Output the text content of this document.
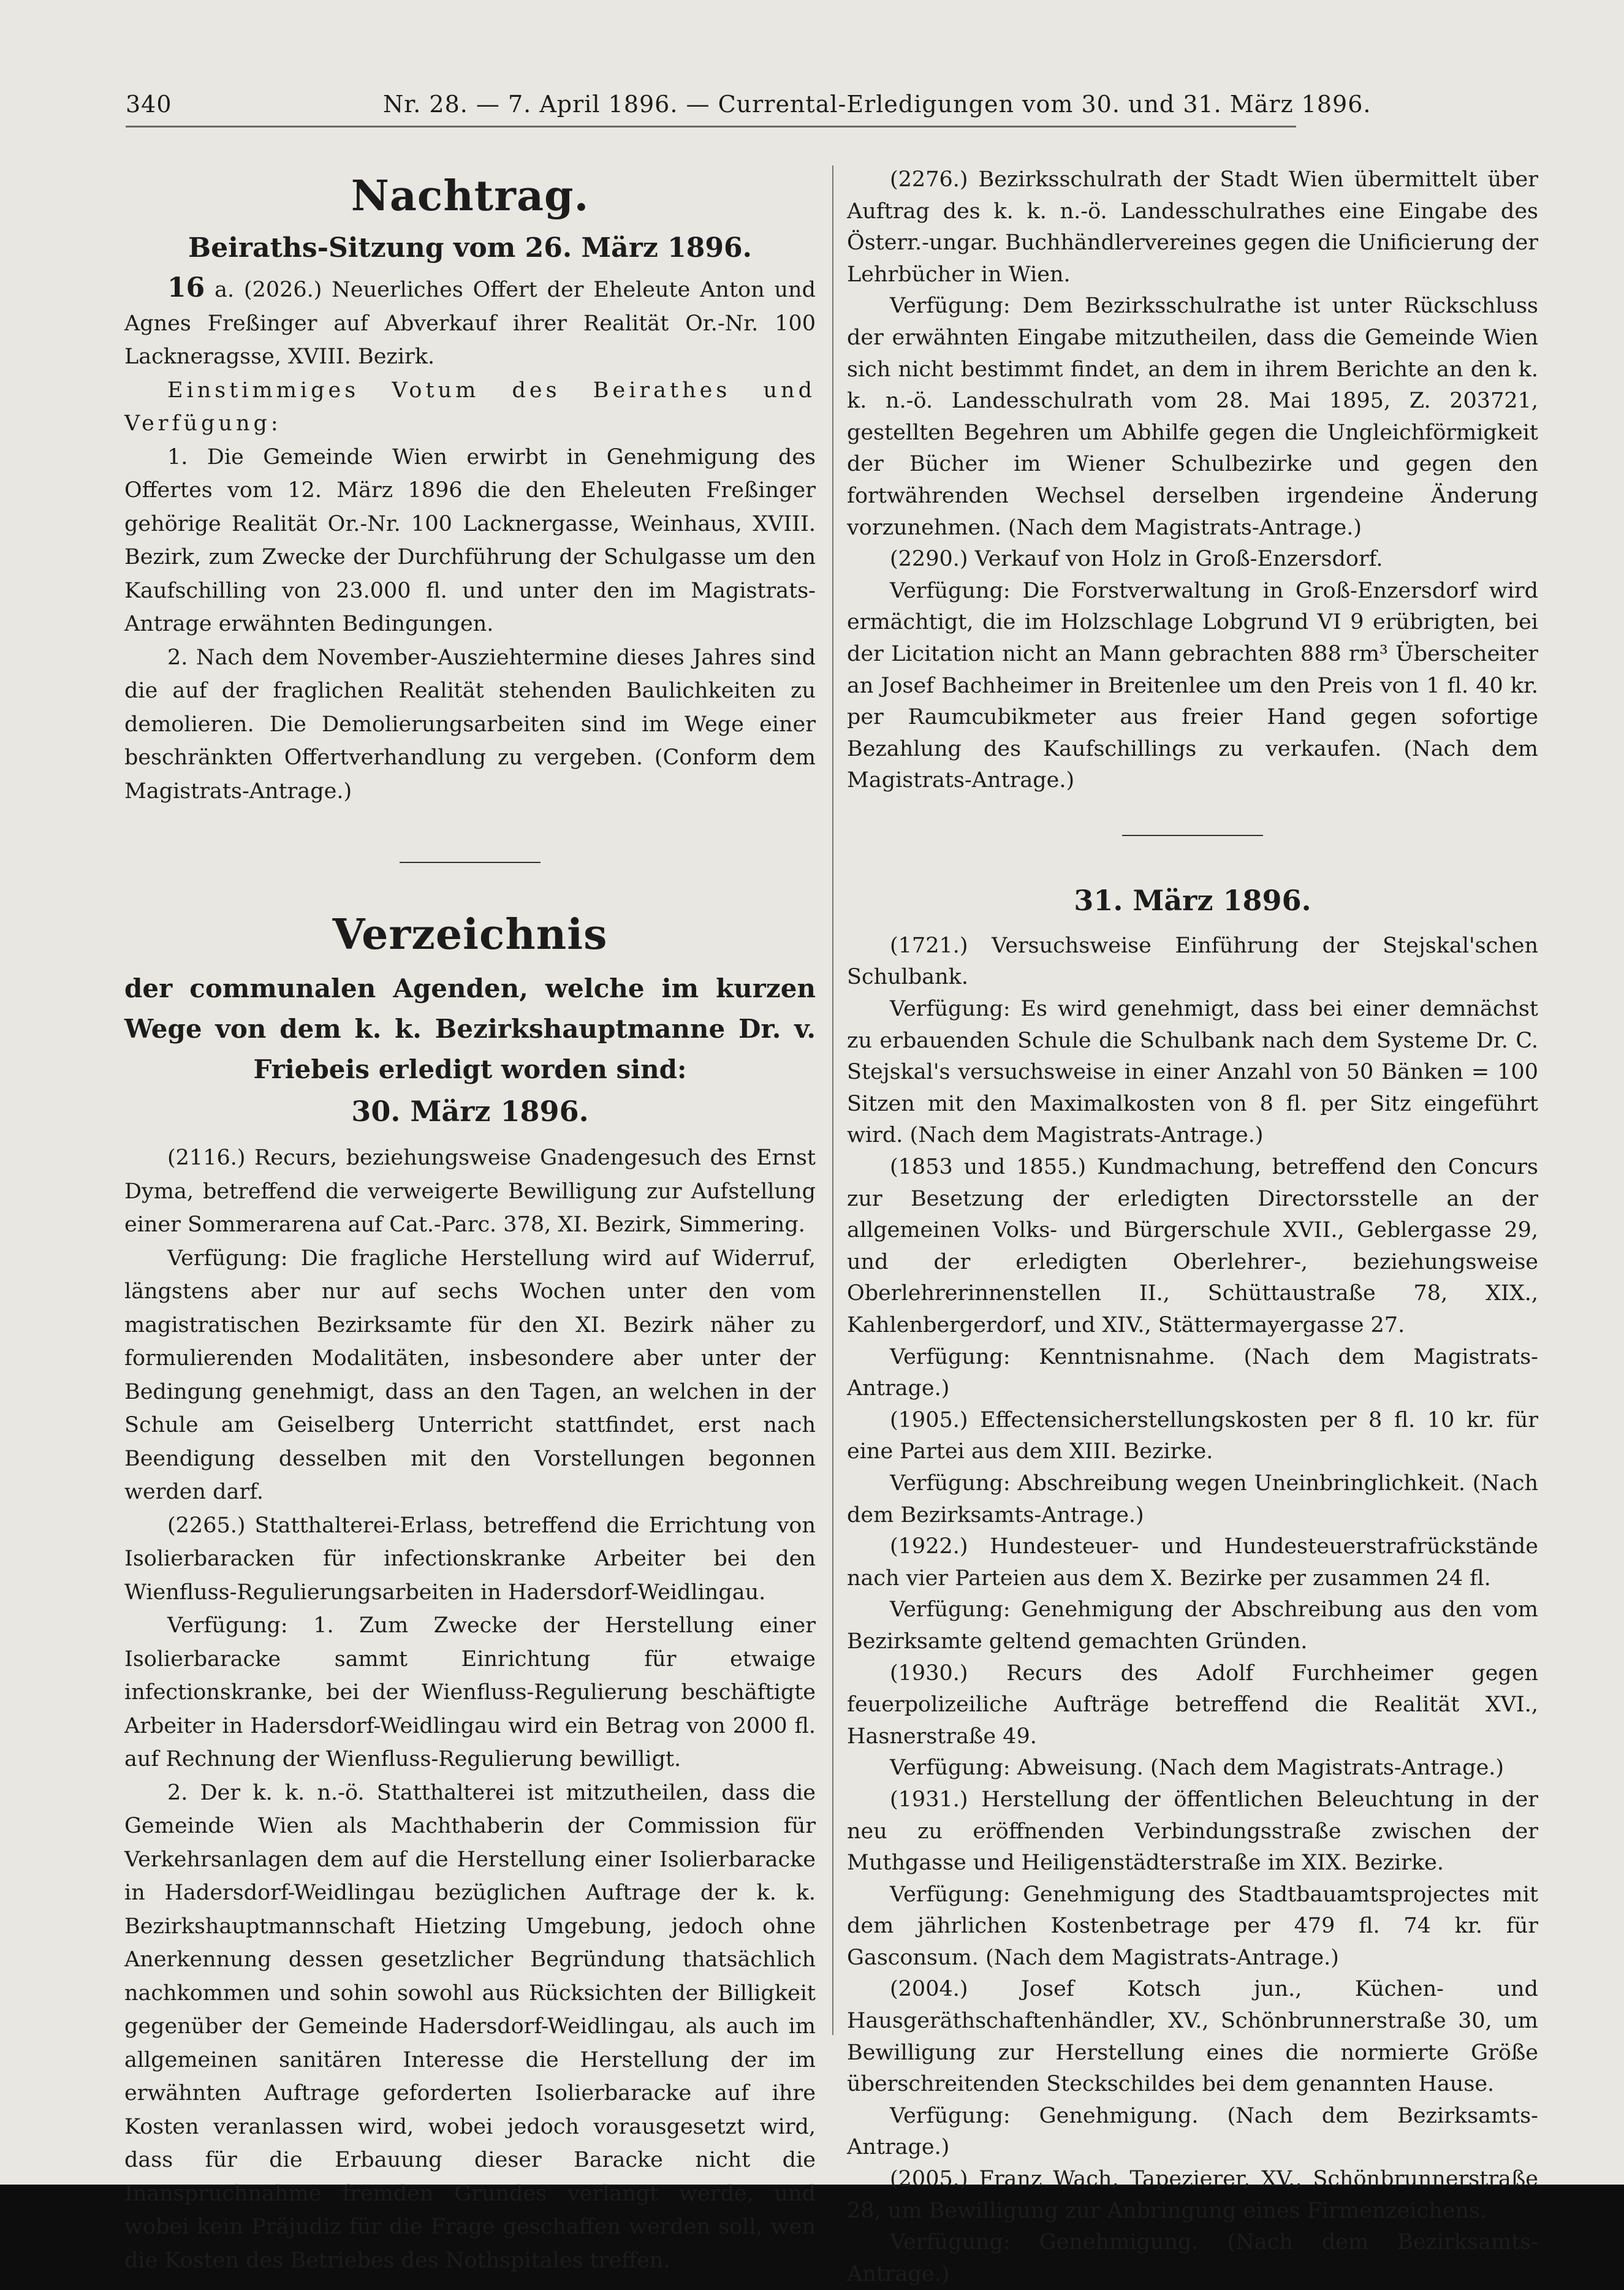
340	Nr. 28. — 7. April 1896. — Currental-Erledigungen vom 30. und 31. März 1896.
Nachtrag.
Beiraths-Sitzung vom 26. März 1896.

16 a. (2026.) Neuerliches Offert der Eheleute Anton und Agnes Freßinger auf Abverkauf ihrer Realität Or.-Nr. 100 Lackneragsse, XVIII. Bezirk.

Einstimmiges Votum des Beirathes und Verfügung:

1. Die Gemeinde Wien erwirbt in Genehmigung des Offertes vom 12. März 1896 die den Eheleuten Freßinger gehörige Realität Or.-Nr. 100 Lacknergasse, Weinhaus, XVIII. Bezirk, zum Zwecke der Durchführung der Schulgasse um den Kaufschilling von 23.000 fl. und unter den im Magistrats-Antrage erwähnten Bedingungen.

2. Nach dem November-Ausziehtermine dieses Jahres sind die auf der fraglichen Realität stehenden Baulichkeiten zu demolieren. Die Demolierungsarbeiten sind im Wege einer beschränkten Offertverhandlung zu vergeben. (Conform dem Magistrats-Antrage.)

Verzeichnis
der communalen Agenden, welche im kurzen Wege von dem k. k. Bezirkshauptmanne Dr. v. Friebeis erledigt worden sind:
30. März 1896.

(2116.) Recurs, beziehungsweise Gnadengesuch des Ernst Dyma, betreffend die verweigerte Bewilligung zur Aufstellung einer Sommerarena auf Cat.-Parc. 378, XI. Bezirk, Simmering.

Verfügung: Die fragliche Herstellung wird auf Widerruf, längstens aber nur auf sechs Wochen unter den vom magistratischen Bezirksamte für den XI. Bezirk näher zu formulierenden Modalitäten, insbesondere aber unter der Bedingung genehmigt, dass an den Tagen, an welchen in der Schule am Geiselberg Unterricht stattfindet, erst nach Beendigung desselben mit den Vorstellungen begonnen werden darf.

(2265.) Statthalterei-Erlass, betreffend die Errichtung von Isolierbaracken für infectionskranke Arbeiter bei den Wienfluss-Regulierungsarbeiten in Hadersdorf-Weidlingau.

Verfügung: 1. Zum Zwecke der Herstellung einer Isolierbaracke sammt Einrichtung für etwaige infectionskranke, bei der Wienfluss-Regulierung beschäftigte Arbeiter in Hadersdorf-Weidlingau wird ein Betrag von 2000 fl. auf Rechnung der Wienfluss-Regulierung bewilligt.

2. Der k. k. n.-ö. Statthalterei ist mitzutheilen, dass die Gemeinde Wien als Machthaberin der Commission für Verkehrsanlagen dem auf die Herstellung einer Isolierbaracke in Hadersdorf-Weidlingau bezüglichen Auftrage der k. k. Bezirkshauptmannschaft Hietzing Umgebung, jedoch ohne Anerkennung dessen gesetzlicher Begründung thatsächlich nachkommen und sohin sowohl aus Rücksichten der Billigkeit gegenüber der Gemeinde Hadersdorf-Weidlingau, als auch im allgemeinen sanitären Interesse die Herstellung der im erwähnten Auftrage geforderten Isolierbaracke auf ihre Kosten veranlassen wird, wobei jedoch vorausgesetzt wird, dass für die Erbauung dieser Baracke nicht die Inanspruchnahme fremden Grundes verlangt werde, und wobei kein Präjudiz für die Frage geschaffen werden soll, wen die Kosten des Betriebes des Nothspitales treffen.

(2276.) Bezirksschulrath der Stadt Wien übermittelt über Auftrag des k. k. n.-ö. Landesschulrathes eine Eingabe des Österr.-ungar. Buchhändlervereines gegen die Unificierung der Lehrbücher in Wien.

Verfügung: Dem Bezirksschulrathe ist unter Rückschluss der erwähnten Eingabe mitzutheilen, dass die Gemeinde Wien sich nicht bestimmt findet, an dem in ihrem Berichte an den k. k. n.-ö. Landesschulrath vom 28. Mai 1895, Z. 203721, gestellten Begehren um Abhilfe gegen die Ungleichförmigkeit der Bücher im Wiener Schulbezirke und gegen den fortwährenden Wechsel derselben irgendeine Änderung vorzunehmen. (Nach dem Magistrats-Antrage.)

(2290.) Verkauf von Holz in Groß-Enzersdorf.

Verfügung: Die Forstverwaltung in Groß-Enzersdorf wird ermächtigt, die im Holzschlage Lobgrund VI 9 erübrigten, bei der Licitation nicht an Mann gebrachten 888 rm³ Überscheiter an Josef Bachheimer in Breitenlee um den Preis von 1 fl. 40 kr. per Raumcubikmeter aus freier Hand gegen sofortige Bezahlung des Kaufschillings zu verkaufen. (Nach dem Magistrats-Antrage.)

31. März 1896.

(1721.) Versuchsweise Einführung der Stejskal'schen Schulbank.

Verfügung: Es wird genehmigt, dass bei einer demnächst zu erbauenden Schule die Schulbank nach dem Systeme Dr. C. Stejskal's versuchsweise in einer Anzahl von 50 Bänken = 100 Sitzen mit den Maximalkosten von 8 fl. per Sitz eingeführt wird. (Nach dem Magistrats-Antrage.)

(1853 und 1855.) Kundmachung, betreffend den Concurs zur Besetzung der erledigten Directorsstelle an der allgemeinen Volks- und Bürgerschule XVII., Geblergasse 29, und der erledigten Oberlehrer-, beziehungsweise Oberlehrerinnenstellen II., Schüttaustraße 78, XIX., Kahlenbergerdorf, und XIV., Stättermayergasse 27.

Verfügung: Kenntnisnahme. (Nach dem Magistrats-Antrage.)

(1905.) Effectensicherstellungskosten per 8 fl. 10 kr. für eine Partei aus dem XIII. Bezirke.

Verfügung: Abschreibung wegen Uneinbringlichkeit. (Nach dem Bezirksamts-Antrage.)

(1922.) Hundesteuer- und Hundesteuerstrafrückstände nach vier Parteien aus dem X. Bezirke per zusammen 24 fl.

Verfügung: Genehmigung der Abschreibung aus den vom Bezirksamte geltend gemachten Gründen.

(1930.) Recurs des Adolf Furchheimer gegen feuerpolizeiliche Aufträge betreffend die Realität XVI., Hasnerstraße 49.

Verfügung: Abweisung. (Nach dem Magistrats-Antrage.)

(1931.) Herstellung der öffentlichen Beleuchtung in der neu zu eröffnenden Verbindungsstraße zwischen der Muthgasse und Heiligenstädterstraße im XIX. Bezirke.

Verfügung: Genehmigung des Stadtbauamtsprojectes mit dem jährlichen Kostenbetrage per 479 fl. 74 kr. für Gasconsum. (Nach dem Magistrats-Antrage.)

(2004.) Josef Kotsch jun., Küchen- und Hausgeräthschaftenhändler, XV., Schönbrunnerstraße 30, um Bewilligung zur Herstellung eines die normierte Größe überschreitenden Steckschildes bei dem genannten Hause.

Verfügung: Genehmigung. (Nach dem Bezirksamts-Antrage.)

(2005.) Franz Wach, Tapezierer, XV., Schönbrunnerstraße 28, um Bewilligung zur Anbringung eines Firmenzeichens.

Verfügung: Genehmigung. (Nach dem Bezirksamts-Antrage.)
